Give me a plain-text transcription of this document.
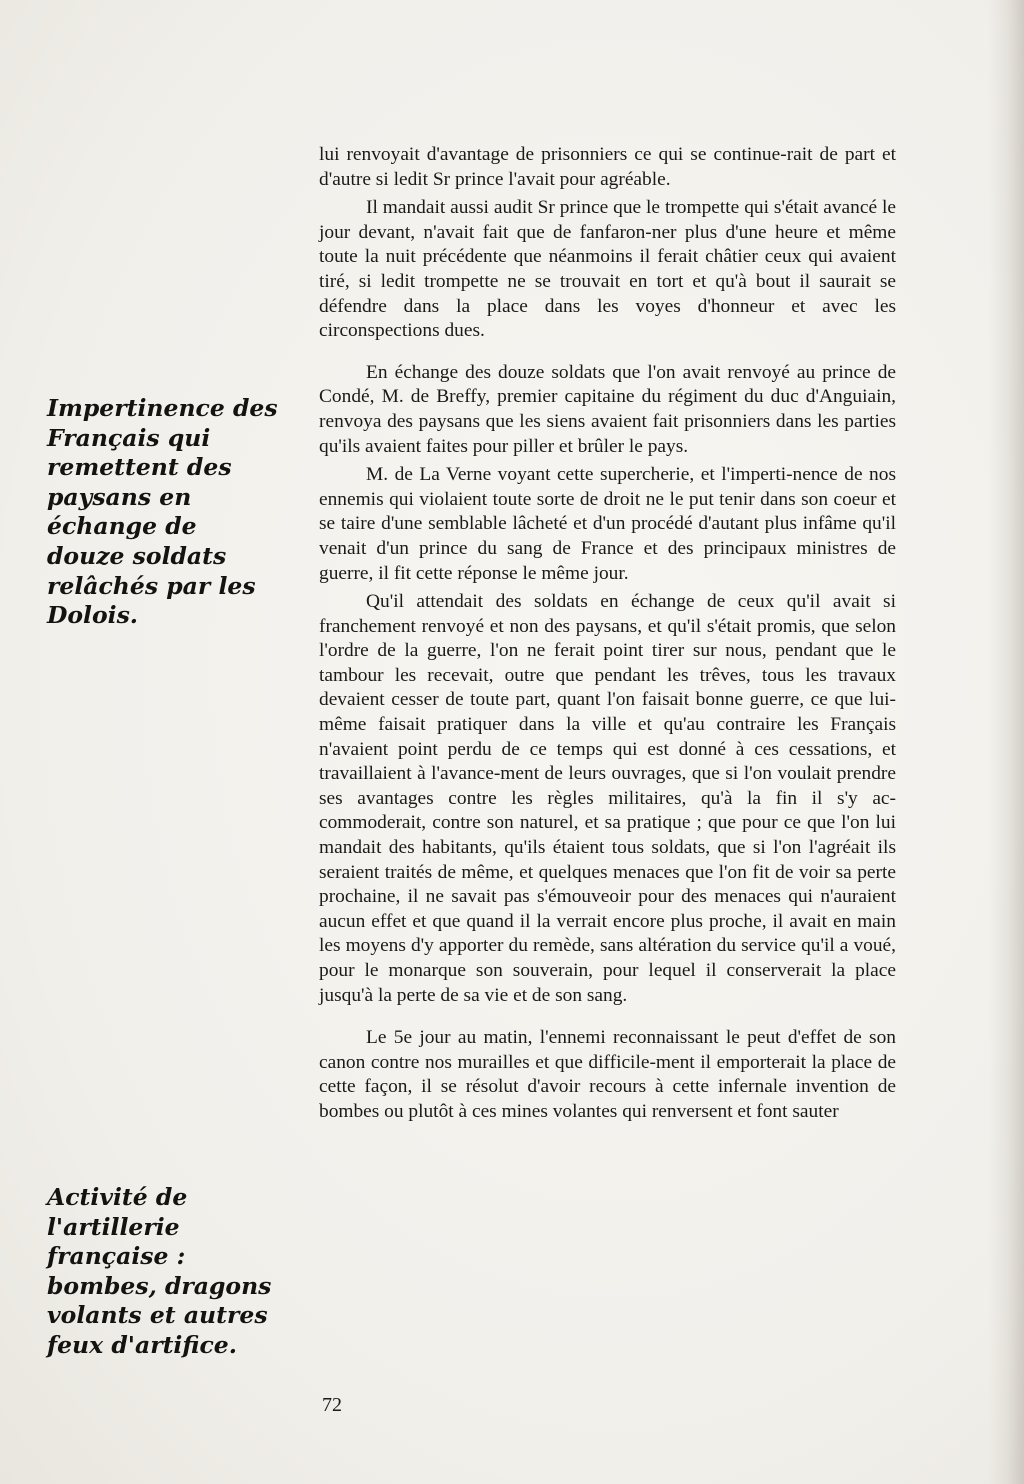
Impertinence des
Français qui
remettent des
paysans en
échange de
douze soldats
relâchés par les
Dolois.
Activité de
l'artillerie
française :
bombes, dragons
volants et autres
feux d'artifice.

lui renvoyait d'avantage de prisonniers ce qui se continue-rait de part et d'autre si ledit Sr prince l'avait pour agréable.

Il mandait aussi audit Sr prince que le trompette qui s'était avancé le jour devant, n'avait fait que de fanfaron-ner plus d'une heure et même toute la nuit précédente que néanmoins il ferait châtier ceux qui avaient tiré, si ledit trompette ne se trouvait en tort et qu'à bout il saurait se défendre dans la place dans les voyes d'honneur et avec les circonspections dues.

En échange des douze soldats que l'on avait renvoyé au prince de Condé, M. de Breffy, premier capitaine du régiment du duc d'Anguiain, renvoya des paysans que les siens avaient fait prisonniers dans les parties qu'ils avaient faites pour piller et brûler le pays.

M. de La Verne voyant cette supercherie, et l'imperti-nence de nos ennemis qui violaient toute sorte de droit ne le put tenir dans son coeur et se taire d'une semblable lâcheté et d'un procédé d'autant plus infâme qu'il venait d'un prince du sang de France et des principaux ministres de guerre, il fit cette réponse le même jour.

Qu'il attendait des soldats en échange de ceux qu'il avait si franchement renvoyé et non des paysans, et qu'il s'était promis, que selon l'ordre de la guerre, l'on ne ferait point tirer sur nous, pendant que le tambour les recevait, outre que pendant les trêves, tous les travaux devaient cesser de toute part, quant l'on faisait bonne guerre, ce que lui-même faisait pratiquer dans la ville et qu'au contraire les Français n'avaient point perdu de ce temps qui est donné à ces cessations, et travaillaient à l'avance-ment de leurs ouvrages, que si l'on voulait prendre ses avantages contre les règles militaires, qu'à la fin il s'y ac-commoderait, contre son naturel, et sa pratique ; que pour ce que l'on lui mandait des habitants, qu'ils étaient tous soldats, que si l'on l'agréait ils seraient traités de même, et quelques menaces que l'on fit de voir sa perte prochaine, il ne savait pas s'émouveoir pour des menaces qui n'auraient aucun effet et que quand il la verrait encore plus proche, il avait en main les moyens d'y apporter du remède, sans altération du service qu'il a voué, pour le monarque son souverain, pour lequel il conserverait la place jusqu'à la perte de sa vie et de son sang.

Le 5e jour au matin, l'ennemi reconnaissant le peut d'effet de son canon contre nos murailles et que difficile-ment il emporterait la place de cette façon, il se résolut d'avoir recours à cette infernale invention de bombes ou plutôt à ces mines volantes qui renversent et font sauter

72
